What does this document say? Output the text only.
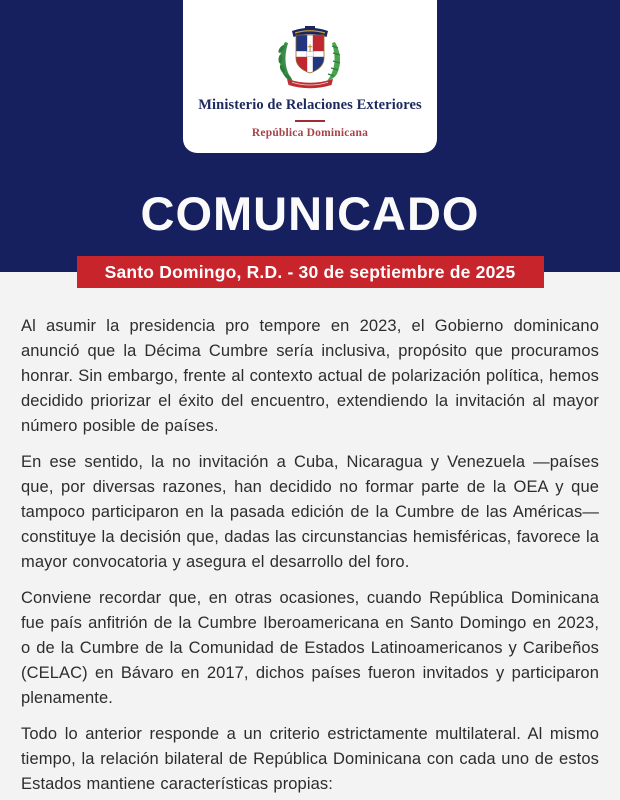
Ministerio de Relaciones Exteriores
República Dominicana
COMUNICADO
Santo Domingo, R.D. - 30 de septiembre de 2025

Al asumir la presidencia pro tempore en 2023, el Gobierno dominicano anunció que la Décima Cumbre sería inclusiva, propósito que procuramos honrar. Sin embargo, frente al contexto actual de polarización política, hemos decidido priorizar el éxito del encuentro, extendiendo la invitación al mayor número posible de países.

En ese sentido, la no invitación a Cuba, Nicaragua y Venezuela —países que, por diversas razones, han decidido no formar parte de la OEA y que tampoco participaron en la pasada edición de la Cumbre de las Américas— constituye la decisión que, dadas las circunstancias hemisféricas, favorece la mayor convocatoria y asegura el desarrollo del foro.

Conviene recordar que, en otras ocasiones, cuando República Dominicana fue país anfitrión de la Cumbre Iberoamericana en Santo Domingo en 2023, o de la Cumbre de la Comunidad de Estados Latinoamericanos y Caribeños (CELAC) en Bávaro en 2017, dichos países fueron invitados y participaron plenamente.

Todo lo anterior responde a un criterio estrictamente multilateral. Al mismo tiempo, la relación bilateral de República Dominicana con cada uno de estos Estados mantiene características propias:
